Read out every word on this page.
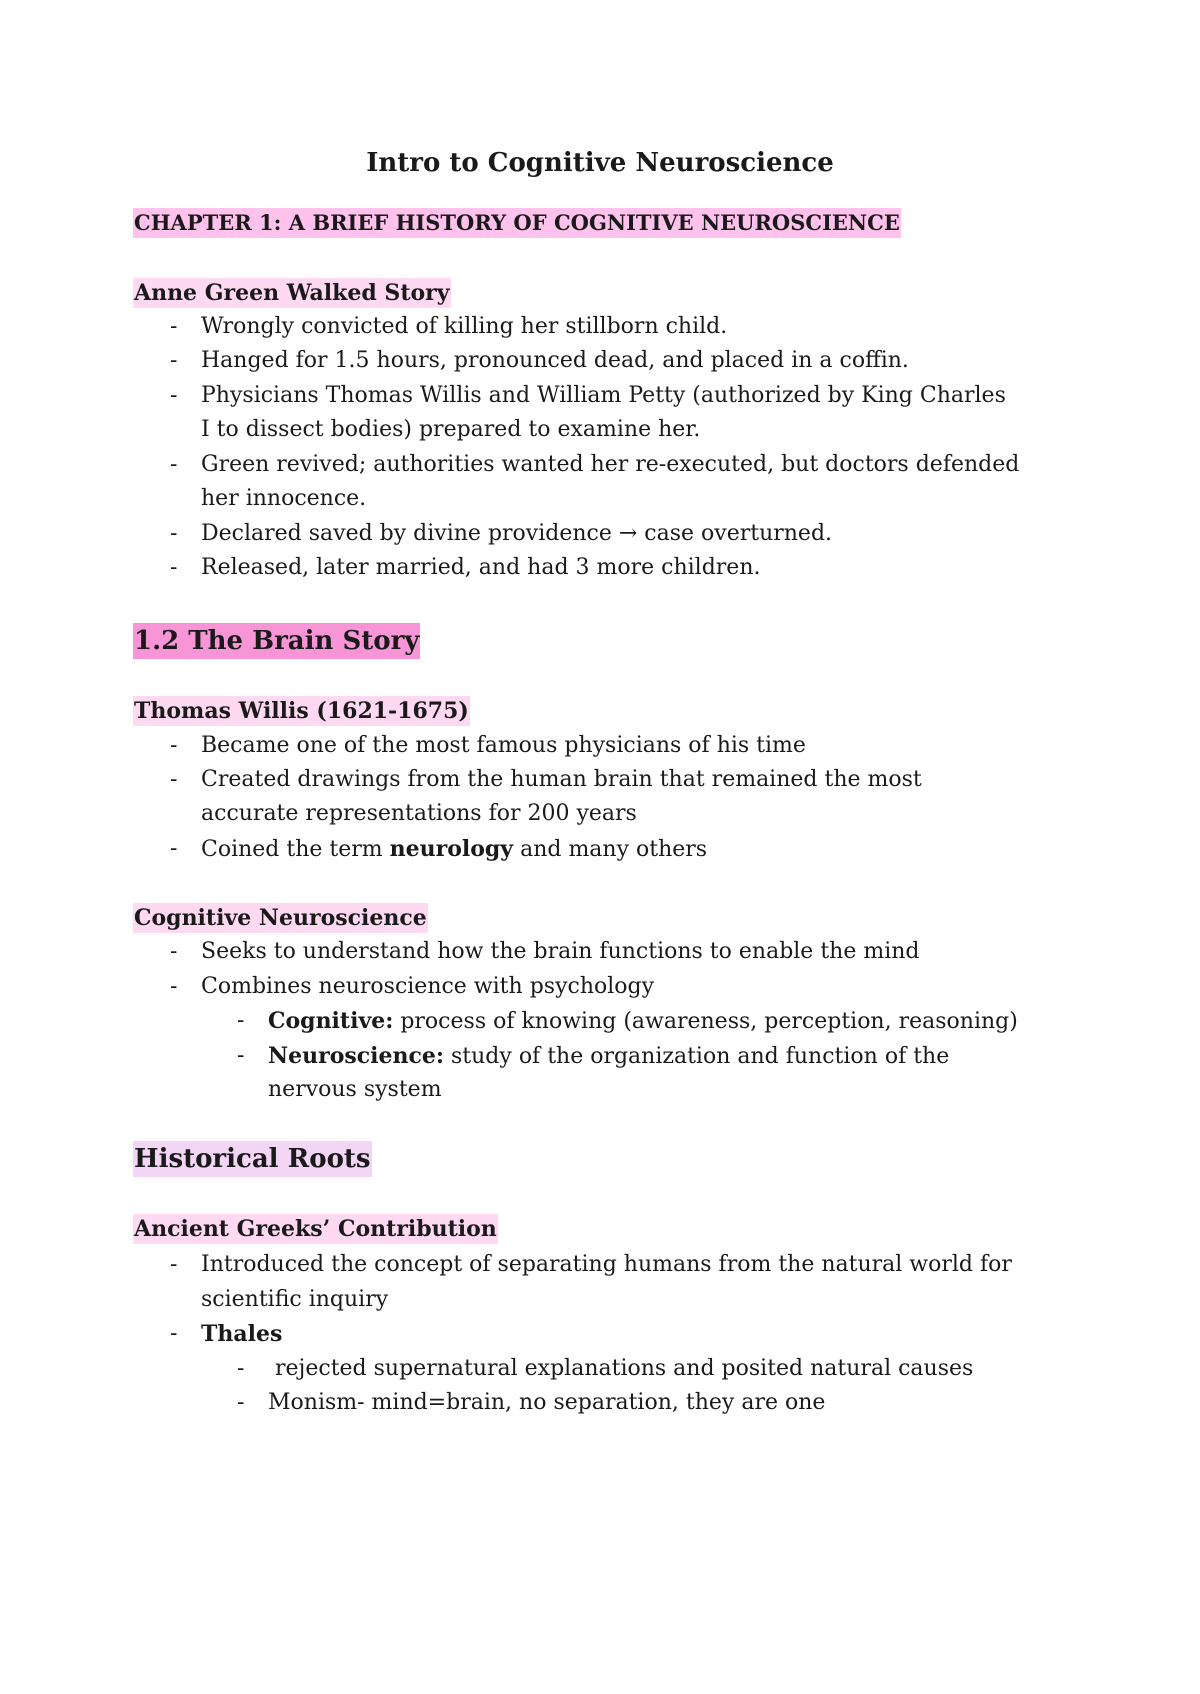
Intro to Cognitive Neuroscience
CHAPTER 1: A BRIEF HISTORY OF COGNITIVE NEUROSCIENCE
Anne Green Walked Story
- Wrongly convicted of killing her stillborn child.
- Hanged for 1.5 hours, pronounced dead, and placed in a coffin.
- Physicians Thomas Willis and William Petty (authorized by King Charles
I to dissect bodies) prepared to examine her.
- Green revived; authorities wanted her re-executed, but doctors defended
her innocence.
- Declared saved by divine providence → case overturned.
- Released, later married, and had 3 more children.
1.2 The Brain Story
Thomas Willis (1621-1675)
- Became one of the most famous physicians of his time
- Created drawings from the human brain that remained the most
accurate representations for 200 years
- Coined the term neurology and many others
Cognitive Neuroscience
- Seeks to understand how the brain functions to enable the mind
- Combines neuroscience with psychology
- Cognitive: process of knowing (awareness, perception, reasoning)
- Neuroscience: study of the organization and function of the
nervous system
Historical Roots
Ancient Greeks’ Contribution
- Introduced the concept of separating humans from the natural world for
scientific inquiry
- Thales
- rejected supernatural explanations and posited natural causes
- Monism- mind=brain, no separation, they are one
